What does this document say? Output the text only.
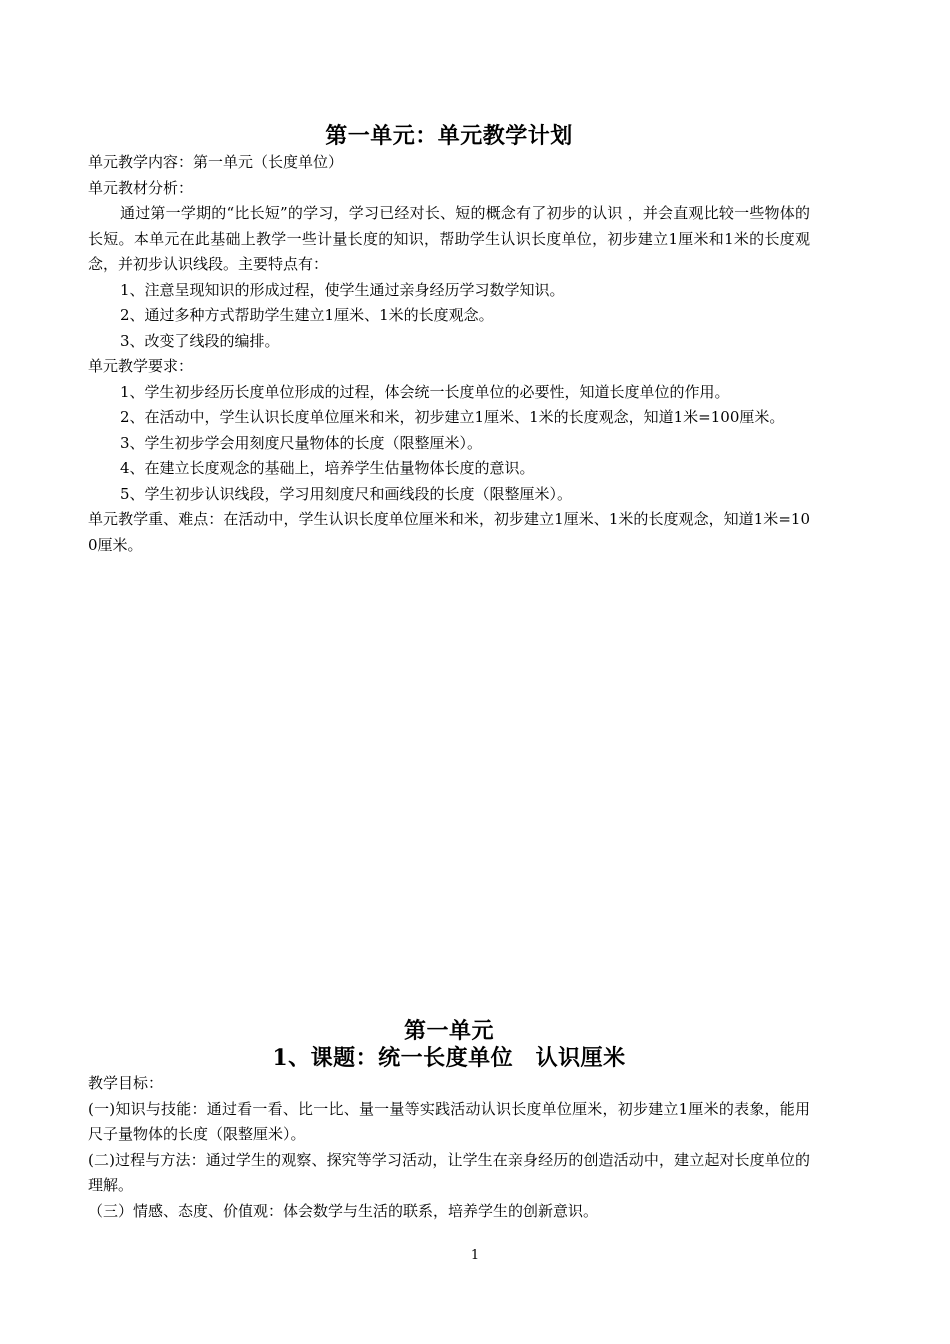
第一单元：单元教学计划
单元教学内容：第一单元（长度单位）
单元教材分析：
通过第一学期的“比长短”的学习，学习已经对长、短的概念有了初步的认识 ，并会直观比较一些物体的长短。本单元在此基础上教学一些计量长度的知识，帮助学生认识长度单位，初步建立1厘米和1米的长度观念，并初步认识线段。主要特点有：
1、注意呈现知识的形成过程，使学生通过亲身经历学习数学知识。
2、通过多种方式帮助学生建立1厘米、1米的长度观念。
3、改变了线段的编排。
单元教学要求：
1、学生初步经历长度单位形成的过程，体会统一长度单位的必要性，知道长度单位的作用。
2、在活动中，学生认识长度单位厘米和米，初步建立1厘米、1米的长度观念，知道1米=100厘米。
3、学生初步学会用刻度尺量物体的长度（限整厘米）。
4、在建立长度观念的基础上，培养学生估量物体长度的意识。
5、学生初步认识线段，学习用刻度尺和画线段的长度（限整厘米）。
单元教学重、难点：在活动中，学生认识长度单位厘米和米，初步建立1厘米、1米的长度观念，知道1米=100厘米。
第一单元
1、课题：统一长度单位　认识厘米
教学目标：
(一)知识与技能：通过看一看、比一比、量一量等实践活动认识长度单位厘米，初步建立1厘米的表象，能用尺子量物体的长度（限整厘米）。
(二)过程与方法：通过学生的观察、探究等学习活动，让学生在亲身经历的创造活动中，建立起对长度单位的理解。
（三）情感、态度、价值观：体会数学与生活的联系，培养学生的创新意识。
1
